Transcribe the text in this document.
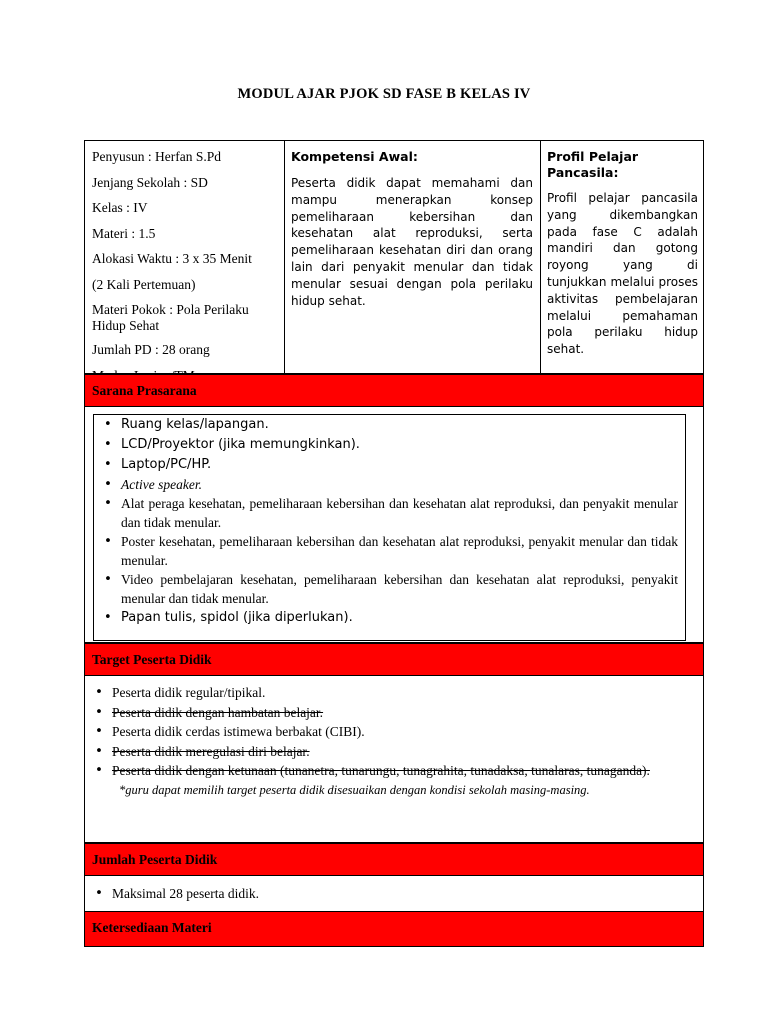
MODUL AJAR PJOK SD FASE B KELAS IV

Penyusun : Herfan S.Pd

Jenjang Sekolah : SD

Kelas : IV

Materi : 1.5

Alokasi Waktu : 3 x 35 Menit

(2 Kali Pertemuan)

Materi Pokok : Pola Perilaku Hidup Sehat

Jumlah PD : 28 orang

Kompetensi Awal:

Peserta didik dapat memahami dan mampu menerapkan konsep pemeliharaan kebersihan dan kesehatan alat reproduksi, serta pemeliharaan kesehatan diri dan orang lain dari penyakit menular dan tidak menular sesuai dengan pola perilaku hidup sehat.

Profil Pelajar Pancasila:

Profil pelajar pancasila yang dikembangkan pada fase C adalah mandiri dan gotong royong yang di tunjukkan melalui proses aktivitas pembelajaran melalui pemahaman pola perilaku hidup sehat.

Sarana Prasarana
• Ruang kelas/lapangan.
• LCD/Proyektor (jika memungkinkan).
• Laptop/PC/HP.
• Active speaker.
• Alat peraga kesehatan, pemeliharaan kebersihan dan kesehatan alat reproduksi, dan penyakit menular dan tidak menular.
• Poster kesehatan, pemeliharaan kebersihan dan kesehatan alat reproduksi, penyakit menular dan tidak menular.
• Video pembelajaran kesehatan, pemeliharaan kebersihan dan kesehatan alat reproduksi, penyakit menular dan tidak menular.
• Papan tulis, spidol (jika diperlukan).
Target Peserta Didik
• Peserta didik regular/tipikal.
• Peserta didik dengan hambatan belajar.
• Peserta didik cerdas istimewa berbakat (CIBI).
• Peserta didik meregulasi diri belajar.
• Peserta didik dengan ketunaan (tunanetra, tunarungu, tunagrahita, tunadaksa, tunalaras, tunaganda).
*guru dapat memilih target peserta didik disesuaikan dengan kondisi sekolah masing-masing.
Jumlah Peserta Didik
• Maksimal 28 peserta didik.
Ketersediaan Materi
